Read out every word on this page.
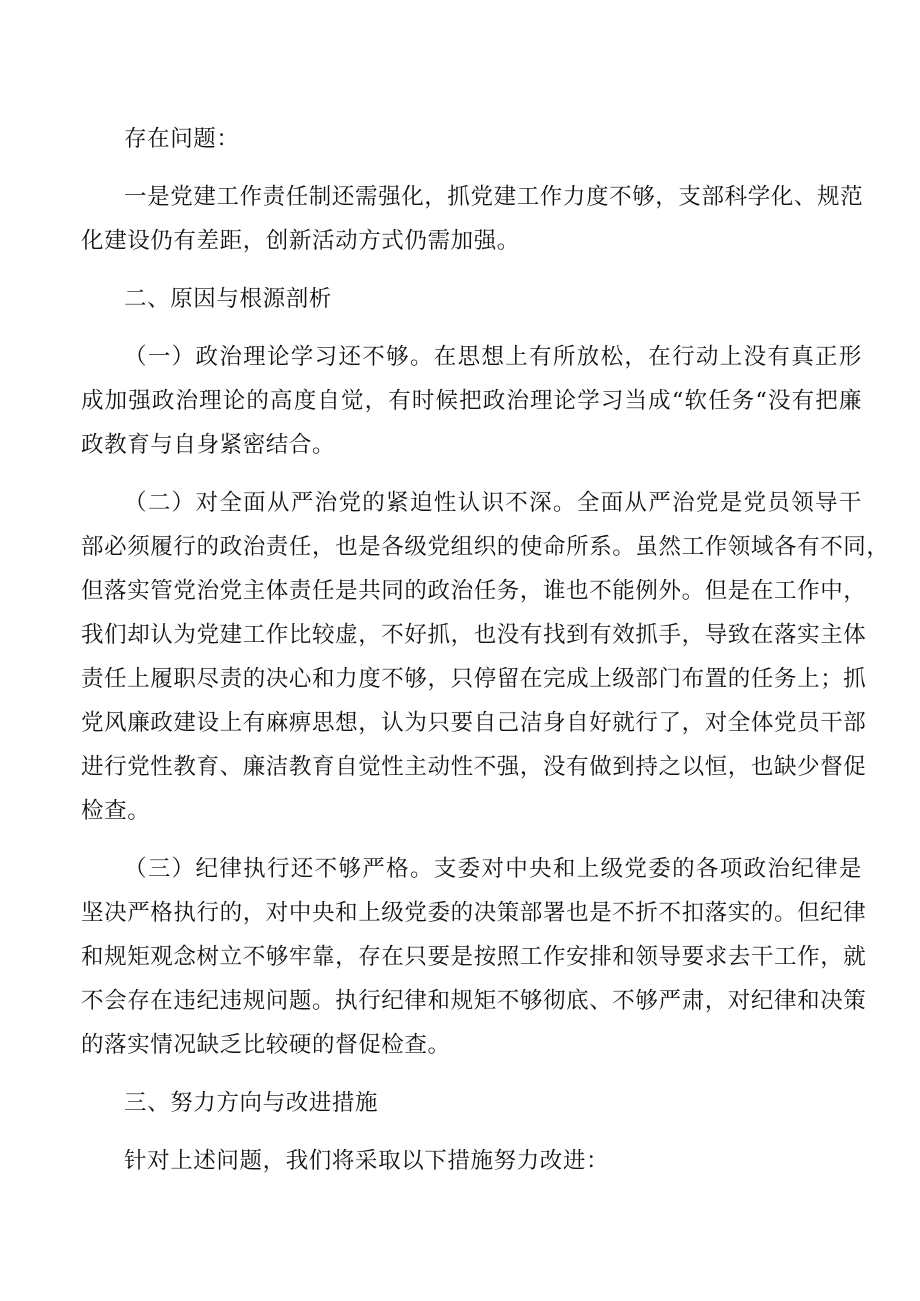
存在问题：
一是党建工作责任制还需强化，抓党建工作力度不够，支部科学化、规范
化建设仍有差距，创新活动方式仍需加强。
二、原因与根源剖析
（一）政治理论学习还不够。在思想上有所放松，在行动上没有真正形
成加强政治理论的高度自觉，有时候把政治理论学习当成“软任务“没有把廉
政教育与自身紧密结合。
（二）对全面从严治党的紧迫性认识不深。全面从严治党是党员领导干
部必须履行的政治责任，也是各级党组织的使命所系。虽然工作领域各有不同，
但落实管党治党主体责任是共同的政治任务，谁也不能例外。但是在工作中，
我们却认为党建工作比较虚，不好抓，也没有找到有效抓手，导致在落实主体
责任上履职尽责的决心和力度不够，只停留在完成上级部门布置的任务上；抓
党风廉政建设上有麻痹思想，认为只要自己洁身自好就行了，对全体党员干部
进行党性教育、廉洁教育自觉性主动性不强，没有做到持之以恒，也缺少督促
检查。
（三）纪律执行还不够严格。支委对中央和上级党委的各项政治纪律是
坚决严格执行的，对中央和上级党委的决策部署也是不折不扣落实的。但纪律
和规矩观念树立不够牢靠，存在只要是按照工作安排和领导要求去干工作，就
不会存在违纪违规问题。执行纪律和规矩不够彻底、不够严肃，对纪律和决策
的落实情况缺乏比较硬的督促检查。
三、努力方向与改进措施
针对上述问题，我们将采取以下措施努力改进：
